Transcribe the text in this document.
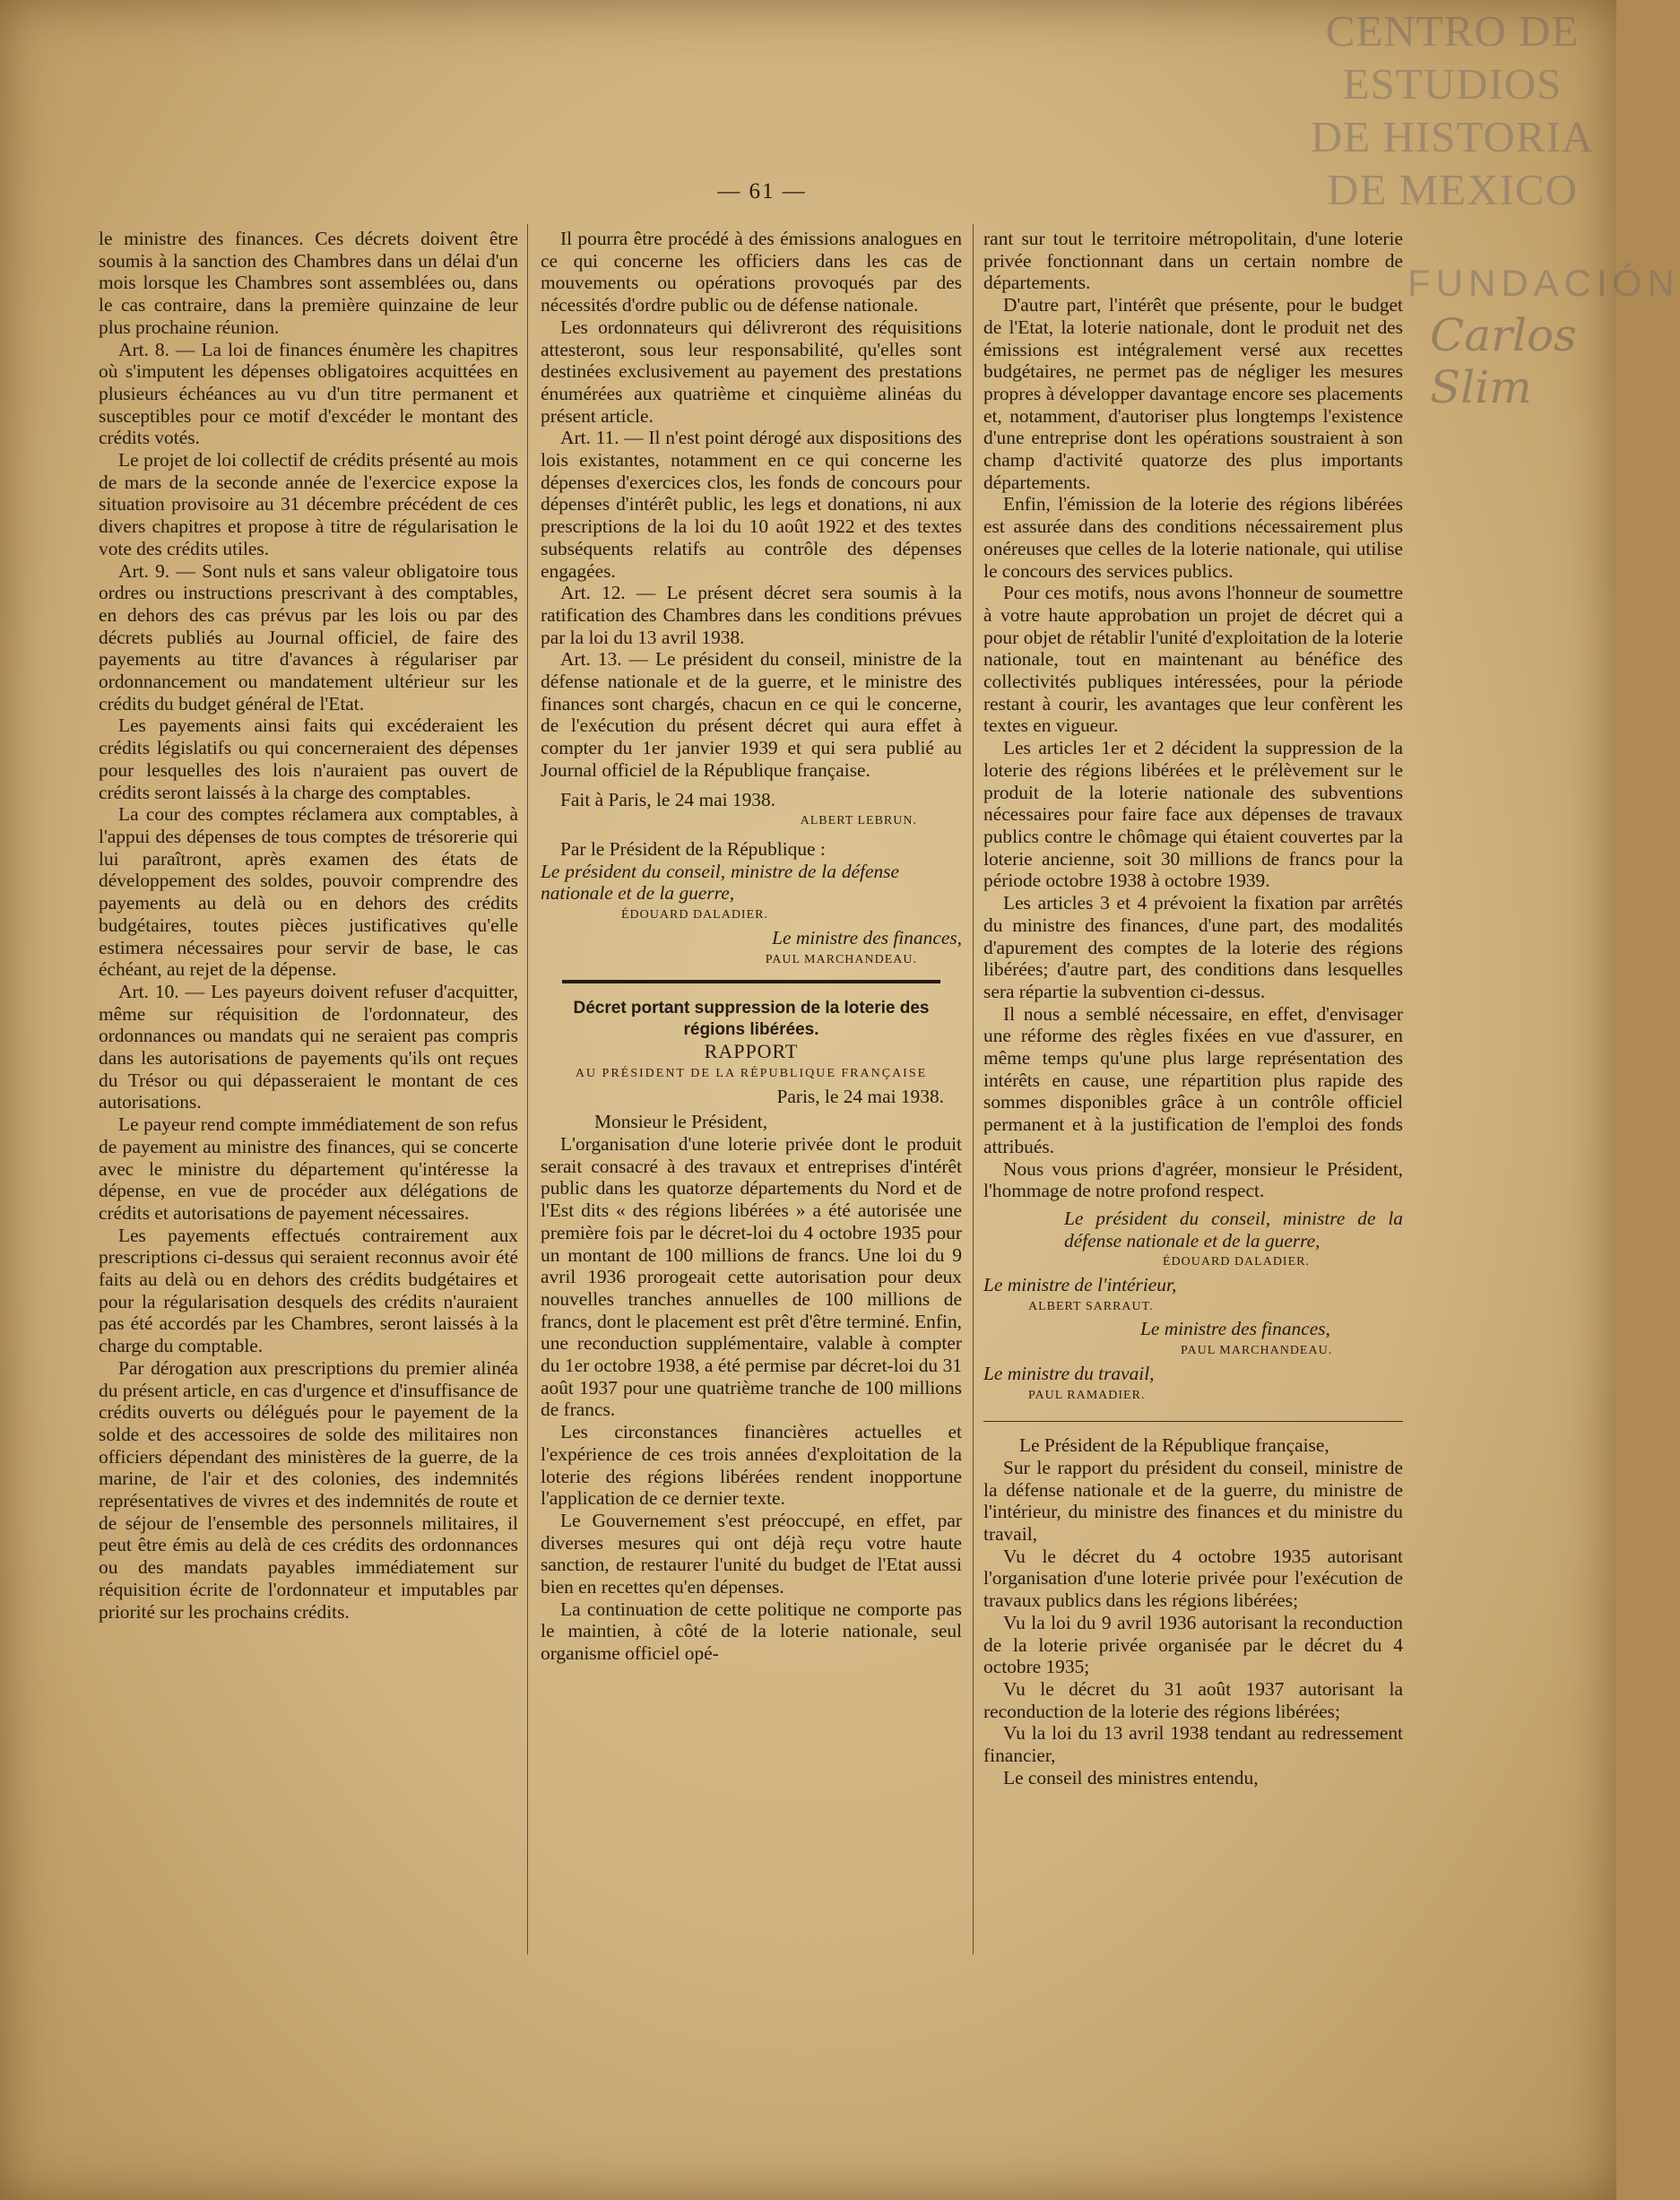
CENTRO DE
ESTUDIOS
DE HISTORIA
DE MEXICO
FUNDACIÓN
Carlos Slim
— 61 —

le ministre des finances. Ces décrets doivent être soumis à la sanction des Chambres dans un délai d'un mois lorsque les Chambres sont assemblées ou, dans le cas contraire, dans la première quinzaine de leur plus prochaine réunion.

Art. 8. — La loi de finances énumère les chapitres où s'imputent les dépenses obligatoires acquittées en plusieurs échéances au vu d'un titre permanent et susceptibles pour ce motif d'excéder le montant des crédits votés.

Le projet de loi collectif de crédits présenté au mois de mars de la seconde année de l'exercice expose la situation provisoire au 31 décembre précédent de ces divers chapitres et propose à titre de régularisation le vote des crédits utiles.

Art. 9. — Sont nuls et sans valeur obligatoire tous ordres ou instructions prescrivant à des comptables, en dehors des cas prévus par les lois ou par des décrets publiés au Journal officiel, de faire des payements au titre d'avances à régulariser par ordonnancement ou mandatement ultérieur sur les crédits du budget général de l'Etat.

Les payements ainsi faits qui excéderaient les crédits législatifs ou qui concerneraient des dépenses pour lesquelles des lois n'auraient pas ouvert de crédits seront laissés à la charge des comptables.

La cour des comptes réclamera aux comptables, à l'appui des dépenses de tous comptes de trésorerie qui lui paraîtront, après examen des états de développement des soldes, pouvoir comprendre des payements au delà ou en dehors des crédits budgétaires, toutes pièces justificatives qu'elle estimera nécessaires pour servir de base, le cas échéant, au rejet de la dépense.

Art. 10. — Les payeurs doivent refuser d'acquitter, même sur réquisition de l'ordonnateur, des ordonnances ou mandats qui ne seraient pas compris dans les autorisations de payements qu'ils ont reçues du Trésor ou qui dépasseraient le montant de ces autorisations.

Le payeur rend compte immédiatement de son refus de payement au ministre des finances, qui se concerte avec le ministre du département qu'intéresse la dépense, en vue de procéder aux délégations de crédits et autorisations de payement nécessaires.

Les payements effectués contrairement aux prescriptions ci-dessus qui seraient reconnus avoir été faits au delà ou en dehors des crédits budgétaires et pour la régularisation desquels des crédits n'auraient pas été accordés par les Chambres, seront laissés à la charge du comptable.

Par dérogation aux prescriptions du premier alinéa du présent article, en cas d'urgence et d'insuffisance de crédits ouverts ou délégués pour le payement de la solde et des accessoires de solde des militaires non officiers dépendant des ministères de la guerre, de la marine, de l'air et des colonies, des indemnités représentatives de vivres et des indemnités de route et de séjour de l'ensemble des personnels militaires, il peut être émis au delà de ces crédits des ordonnances ou des mandats payables immédiatement sur réquisition écrite de l'ordonnateur et imputables par priorité sur les prochains crédits.

Il pourra être procédé à des émissions analogues en ce qui concerne les officiers dans les cas de mouvements ou opérations provoqués par des nécessités d'ordre public ou de défense nationale.

Les ordonnateurs qui délivreront des réquisitions attesteront, sous leur responsabilité, qu'elles sont destinées exclusivement au payement des prestations énumérées aux quatrième et cinquième alinéas du présent article.

Art. 11. — Il n'est point dérogé aux dispositions des lois existantes, notamment en ce qui concerne les dépenses d'exercices clos, les fonds de concours pour dépenses d'intérêt public, les legs et donations, ni aux prescriptions de la loi du 10 août 1922 et des textes subséquents relatifs au contrôle des dépenses engagées.

Art. 12. — Le présent décret sera soumis à la ratification des Chambres dans les conditions prévues par la loi du 13 avril 1938.

Art. 13. — Le président du conseil, ministre de la défense nationale et de la guerre, et le ministre des finances sont chargés, chacun en ce qui le concerne, de l'exécution du présent décret qui aura effet à compter du 1er janvier 1939 et qui sera publié au Journal officiel de la République française.

Fait à Paris, le 24 mai 1938.

ALBERT LEBRUN.

Par le Président de la République :

Le président du conseil, ministre de la défense nationale et de la guerre,

ÉDOUARD DALADIER.

Le ministre des finances,

PAUL MARCHANDEAU.

Décret portant suppression de la loterie des régions libérées.

RAPPORT

AU PRÉSIDENT DE LA RÉPUBLIQUE FRANÇAISE

Paris, le 24 mai 1938.

Monsieur le Président,

L'organisation d'une loterie privée dont le produit serait consacré à des travaux et entreprises d'intérêt public dans les quatorze départements du Nord et de l'Est dits « des régions libérées » a été autorisée une première fois par le décret-loi du 4 octobre 1935 pour un montant de 100 millions de francs. Une loi du 9 avril 1936 prorogeait cette autorisation pour deux nouvelles tranches annuelles de 100 millions de francs, dont le placement est prêt d'être terminé. Enfin, une reconduction supplémentaire, valable à compter du 1er octobre 1938, a été permise par décret-loi du 31 août 1937 pour une quatrième tranche de 100 millions de francs.

Les circonstances financières actuelles et l'expérience de ces trois années d'exploitation de la loterie des régions libérées rendent inopportune l'application de ce dernier texte.

Le Gouvernement s'est préoccupé, en effet, par diverses mesures qui ont déjà reçu votre haute sanction, de restaurer l'unité du budget de l'Etat aussi bien en recettes qu'en dépenses.

La continuation de cette politique ne comporte pas le maintien, à côté de la loterie nationale, seul organisme officiel opé-

rant sur tout le territoire métropolitain, d'une loterie privée fonctionnant dans un certain nombre de départements.

D'autre part, l'intérêt que présente, pour le budget de l'Etat, la loterie nationale, dont le produit net des émissions est intégralement versé aux recettes budgétaires, ne permet pas de négliger les mesures propres à développer davantage encore ses placements et, notamment, d'autoriser plus longtemps l'existence d'une entreprise dont les opérations soustraient à son champ d'activité quatorze des plus importants départements.

Enfin, l'émission de la loterie des régions libérées est assurée dans des conditions nécessairement plus onéreuses que celles de la loterie nationale, qui utilise le concours des services publics.

Pour ces motifs, nous avons l'honneur de soumettre à votre haute approbation un projet de décret qui a pour objet de rétablir l'unité d'exploitation de la loterie nationale, tout en maintenant au bénéfice des collectivités publiques intéressées, pour la période restant à courir, les avantages que leur confèrent les textes en vigueur.

Les articles 1er et 2 décident la suppression de la loterie des régions libérées et le prélèvement sur le produit de la loterie nationale des subventions nécessaires pour faire face aux dépenses de travaux publics contre le chômage qui étaient couvertes par la loterie ancienne, soit 30 millions de francs pour la période octobre 1938 à octobre 1939.

Les articles 3 et 4 prévoient la fixation par arrêtés du ministre des finances, d'une part, des modalités d'apurement des comptes de la loterie des régions libérées; d'autre part, des conditions dans lesquelles sera répartie la subvention ci-dessus.

Il nous a semblé nécessaire, en effet, d'envisager une réforme des règles fixées en vue d'assurer, en même temps qu'une plus large représentation des intérêts en cause, une répartition plus rapide des sommes disponibles grâce à un contrôle officiel permanent et à la justification de l'emploi des fonds attribués.

Nous vous prions d'agréer, monsieur le Président, l'hommage de notre profond respect.

Le président du conseil, ministre de la défense nationale et de la guerre,

ÉDOUARD DALADIER.

Le ministre de l'intérieur,

ALBERT SARRAUT.

Le ministre des finances,

PAUL MARCHANDEAU.

Le ministre du travail,

PAUL RAMADIER.

Le Président de la République française,

Sur le rapport du président du conseil, ministre de la défense nationale et de la guerre, du ministre de l'intérieur, du ministre des finances et du ministre du travail,

Vu le décret du 4 octobre 1935 autorisant l'organisation d'une loterie privée pour l'exécution de travaux publics dans les régions libérées;

Vu la loi du 9 avril 1936 autorisant la reconduction de la loterie privée organisée par le décret du 4 octobre 1935;

Vu le décret du 31 août 1937 autorisant la reconduction de la loterie des régions libérées;

Vu la loi du 13 avril 1938 tendant au redressement financier,

Le conseil des ministres entendu,
